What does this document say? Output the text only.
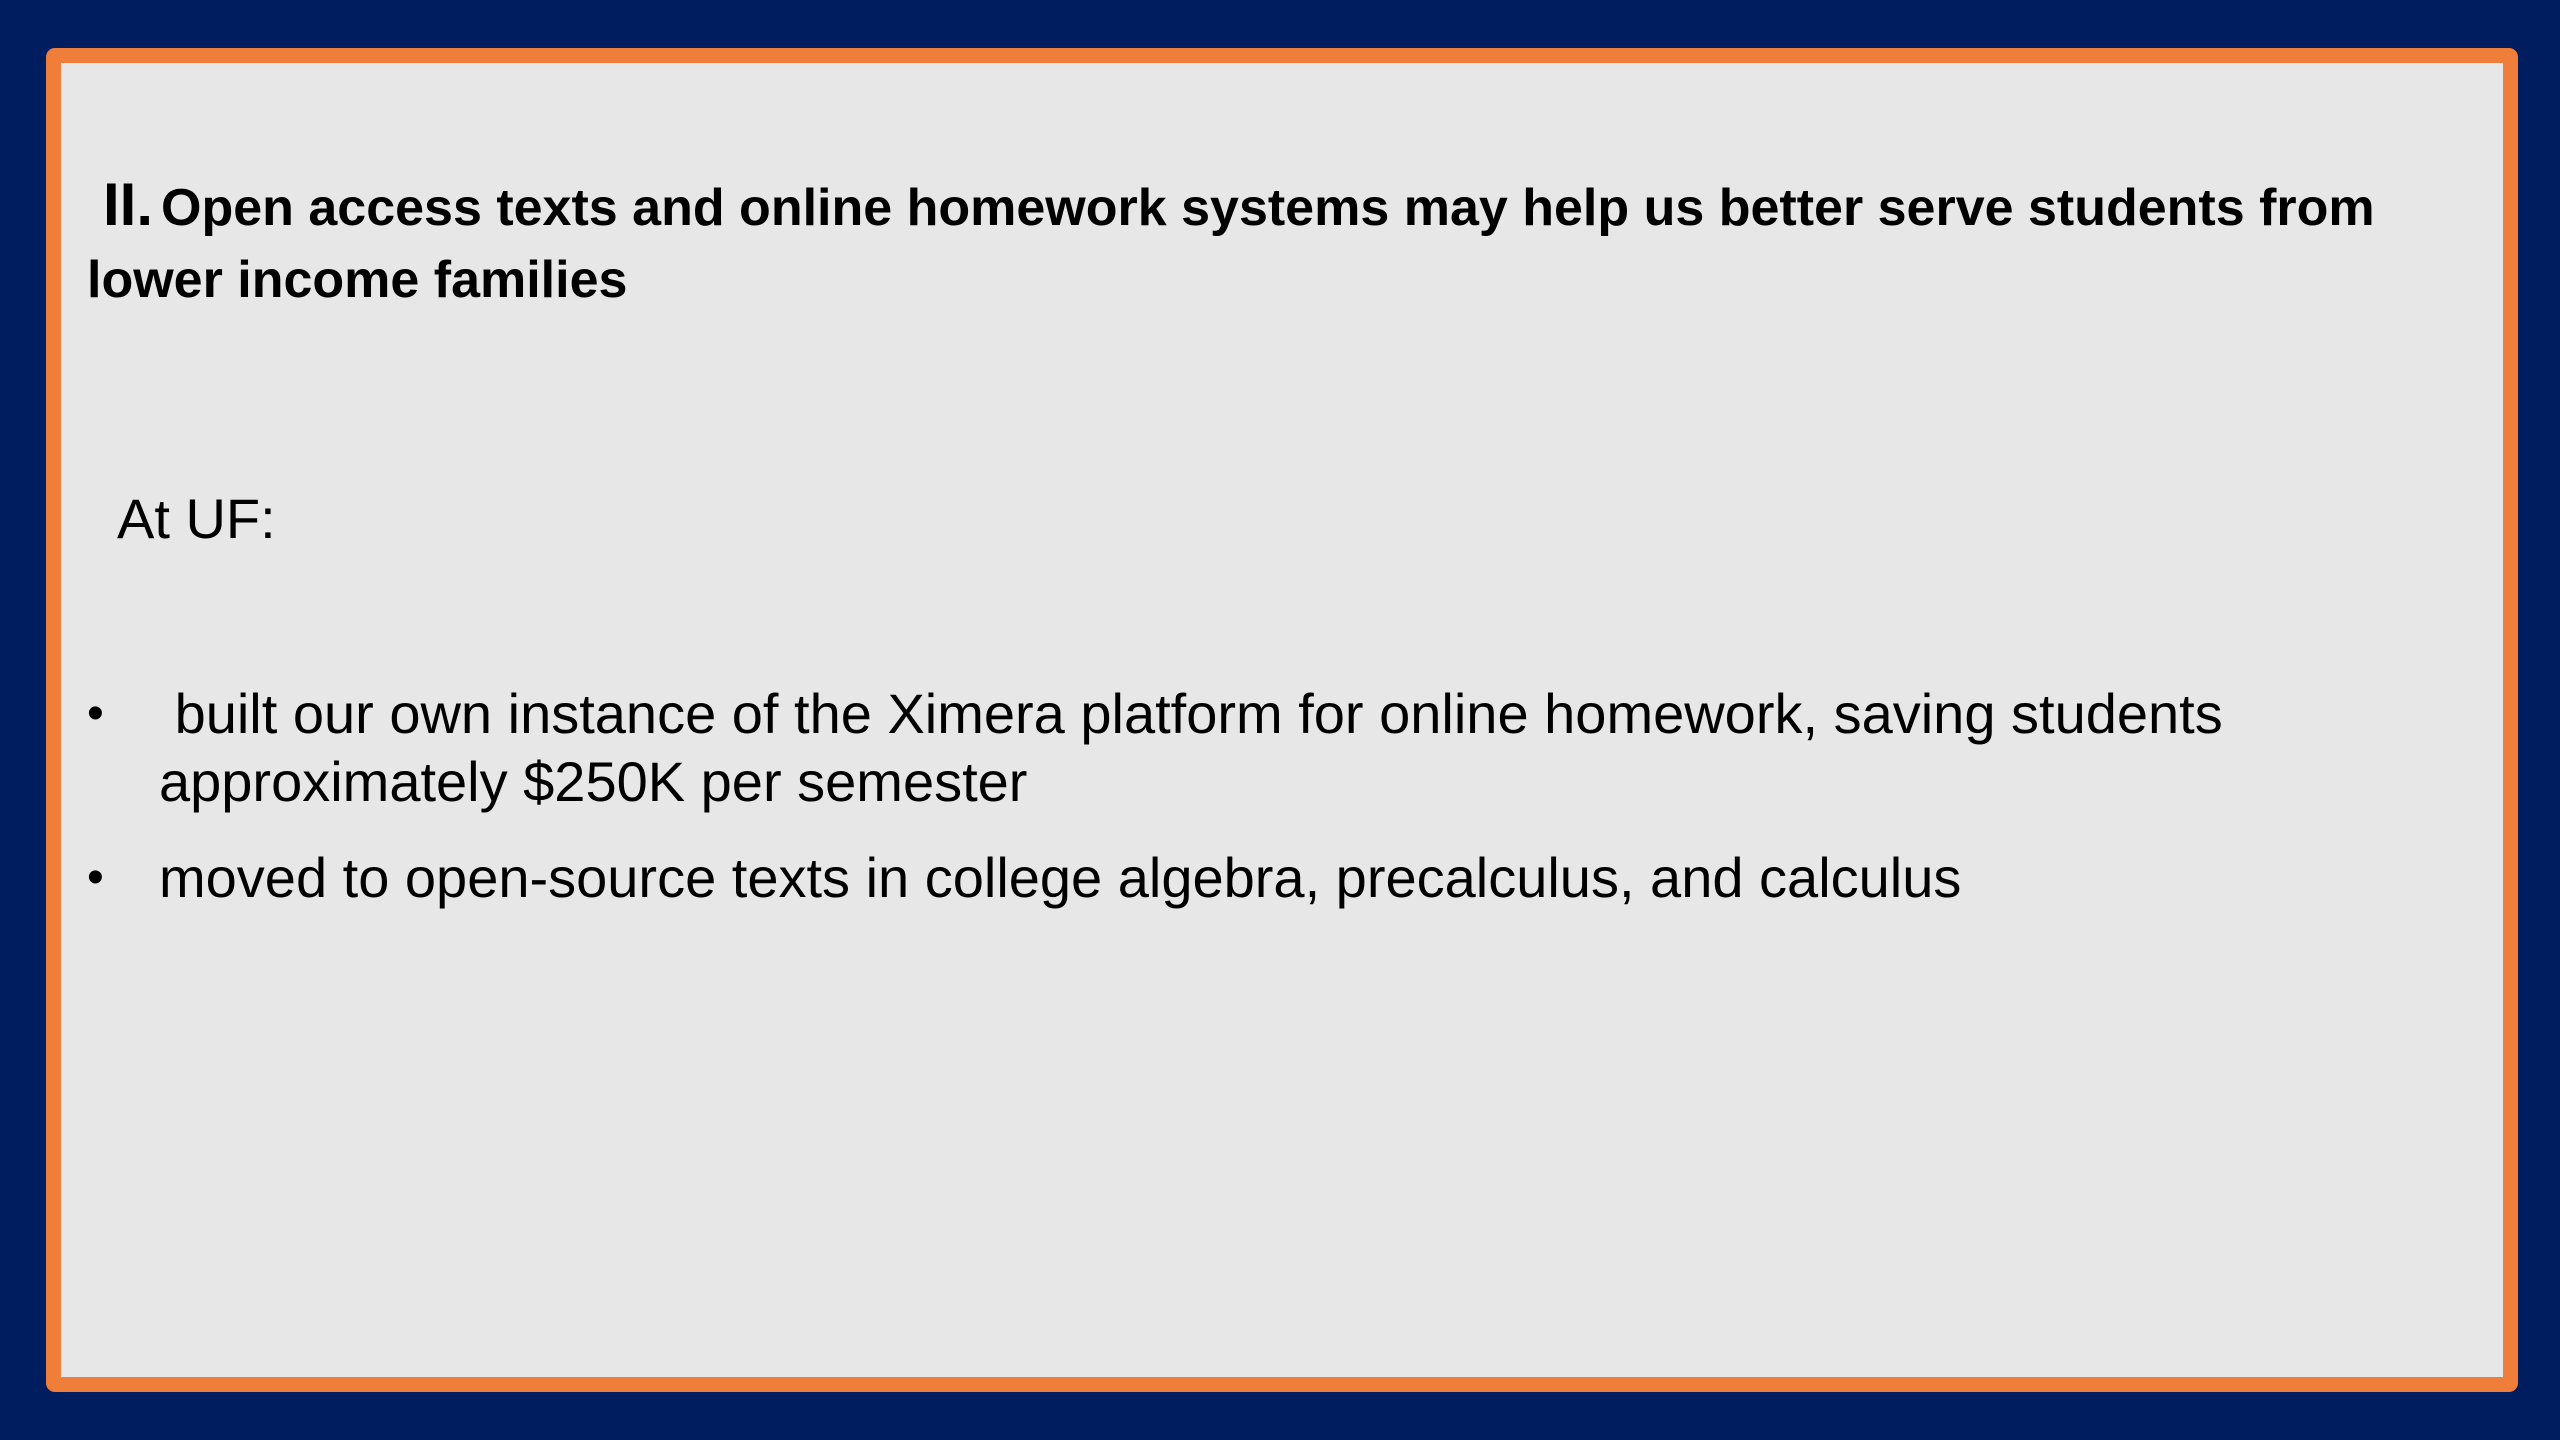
II. Open access texts and online homework systems may help us better serve students from lower income families

At UF:

• built our own instance of the Ximera platform for online homework, saving students approximately $250K per semester
• moved to open-source texts in college algebra, precalculus, and calculus
